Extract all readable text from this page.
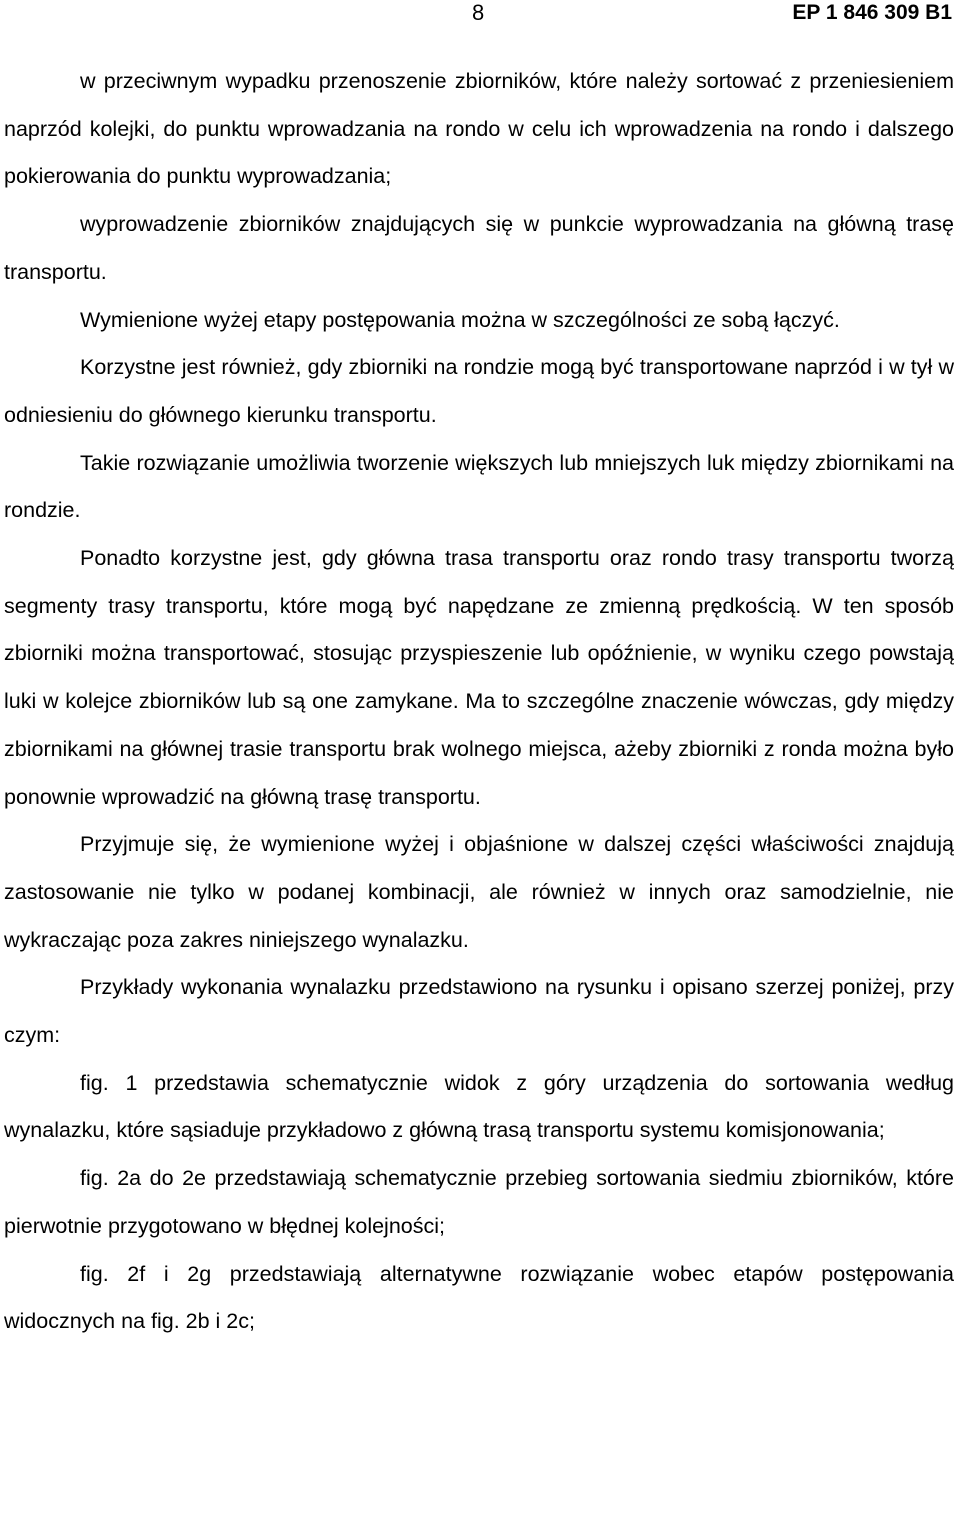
8	EP 1 846 309 B1

w przeciwnym wypadku przenoszenie zbiorników, które należy sortować z przeniesieniem naprzód kolejki, do punktu wprowadzania na rondo w celu ich wprowadzenia na rondo i dalszego pokierowania do punktu wyprowadzania;

wyprowadzenie zbiorników znajdujących się w punkcie wyprowadzania na główną trasę transportu.

Wymienione wyżej etapy postępowania można w szczególności ze sobą łączyć.

Korzystne jest również, gdy zbiorniki na rondzie mogą być transportowane naprzód i w tył w odniesieniu do głównego kierunku transportu.

Takie rozwiązanie umożliwia tworzenie większych lub mniejszych luk między zbiornikami na rondzie.

Ponadto korzystne jest, gdy główna trasa transportu oraz rondo trasy transportu tworzą segmenty trasy transportu, które mogą być napędzane ze zmienną prędkością. W ten sposób zbiorniki można transportować, stosując przyspieszenie lub opóźnienie, w wyniku czego powstają luki w kolejce zbiorników lub są one zamykane. Ma to szczególne znaczenie wówczas, gdy między zbiornikami na głównej trasie transportu brak wolnego miejsca, ażeby zbiorniki z ronda można było ponownie wprowadzić na główną trasę transportu.

Przyjmuje się, że wymienione wyżej i objaśnione w dalszej części właściwości znajdują zastosowanie nie tylko w podanej kombinacji, ale również w innych oraz samodzielnie, nie wykraczając poza zakres niniejszego wynalazku.

Przykłady wykonania wynalazku przedstawiono na rysunku i opisano szerzej poniżej, przy czym:

fig. 1 przedstawia schematycznie widok z góry urządzenia do sortowania według wynalazku, które sąsiaduje przykładowo z główną trasą transportu systemu komisjonowania;

fig. 2a do 2e przedstawiają schematycznie przebieg sortowania siedmiu zbiorników, które pierwotnie przygotowano w błędnej kolejności;

fig. 2f i 2g przedstawiają alternatywne rozwiązanie wobec etapów postępowania widocznych na fig. 2b i 2c;
